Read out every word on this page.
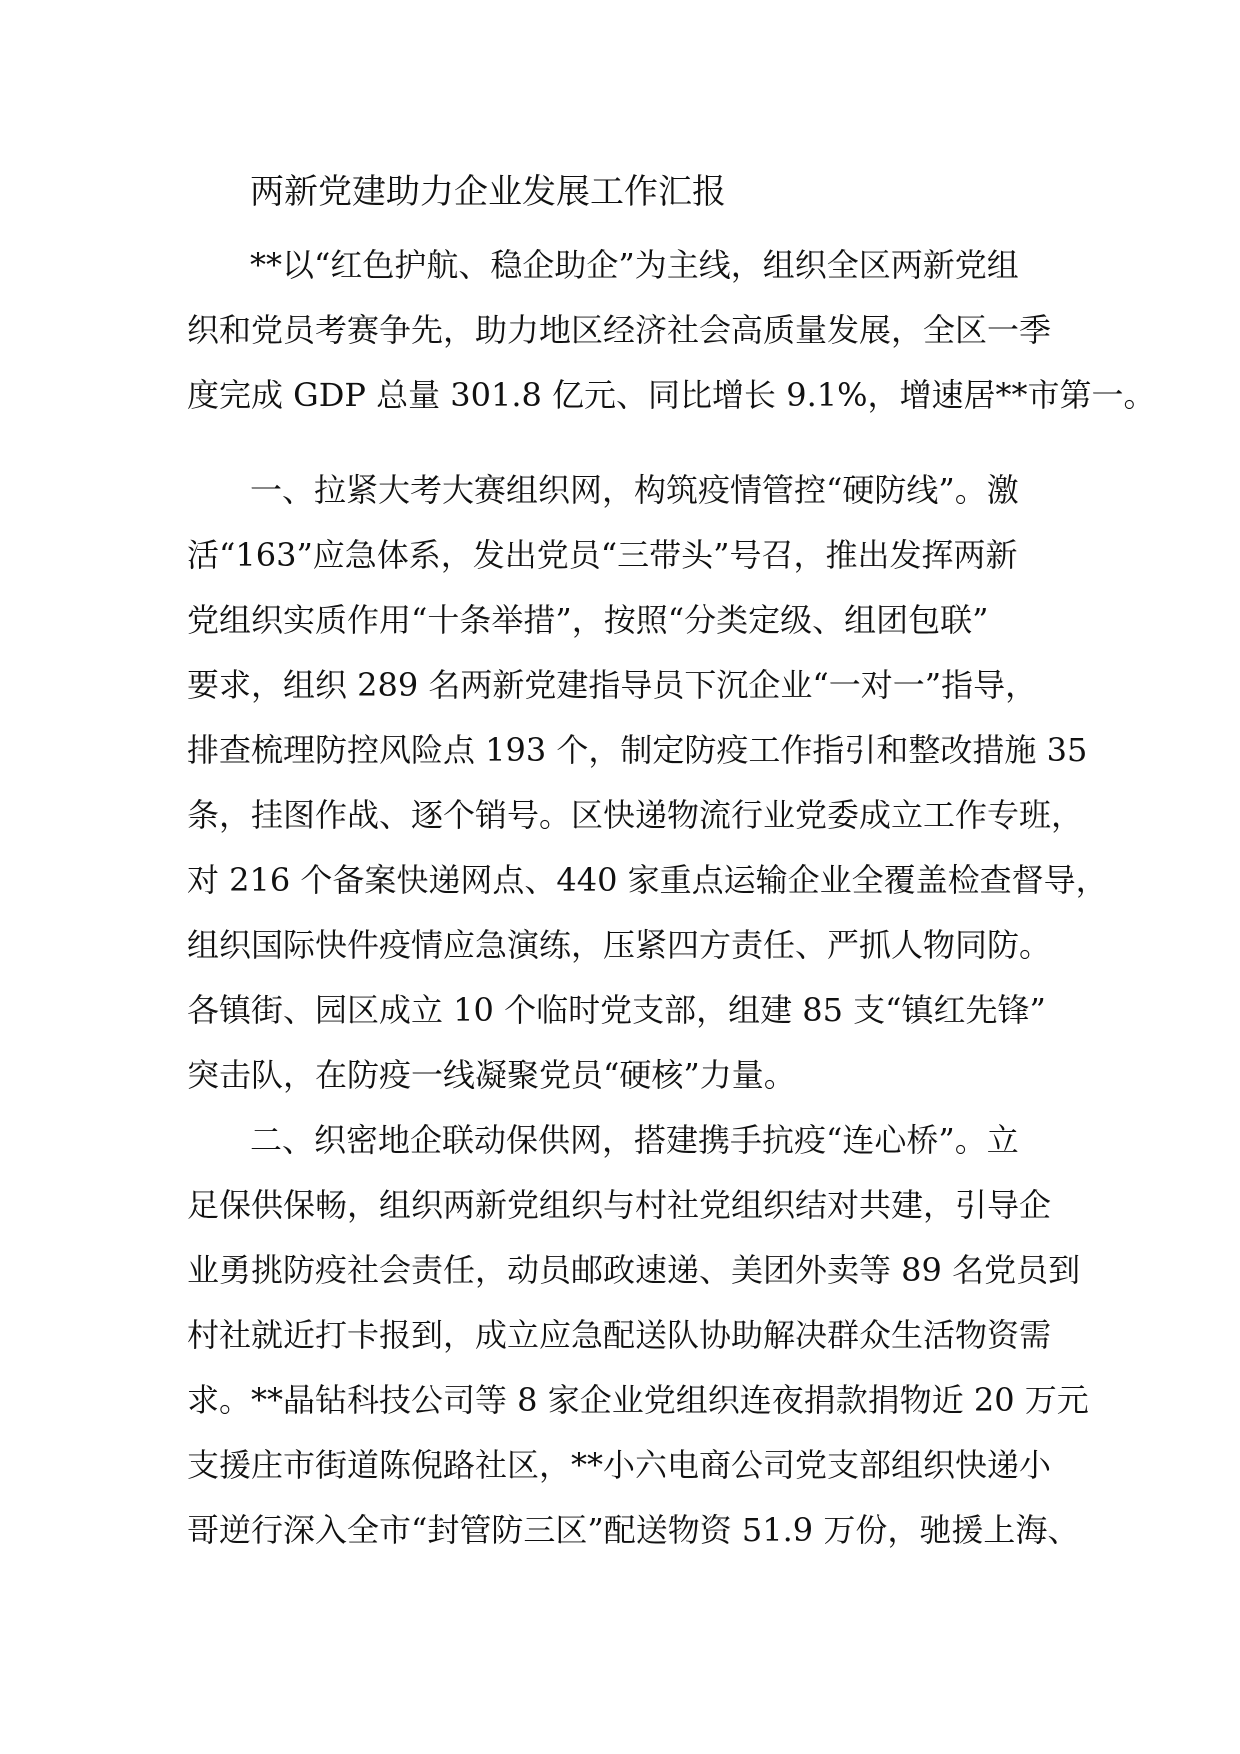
两新党建助力企业发展工作汇报
**以“红色护航、稳企助企”为主线，组织全区两新党组
织和党员考赛争先，助力地区经济社会高质量发展，全区一季
度完成 GDP 总量 301.8 亿元、同比增长 9.1%，增速居**市第一。
一、拉紧大考大赛组织网，构筑疫情管控“硬防线”。激
活“163”应急体系，发出党员“三带头”号召，推出发挥两新
党组织实质作用“十条举措”，按照“分类定级、组团包联”
要求，组织 289 名两新党建指导员下沉企业“一对一”指导，
排查梳理防控风险点 193 个，制定防疫工作指引和整改措施 35
条，挂图作战、逐个销号。区快递物流行业党委成立工作专班，
对 216 个备案快递网点、440 家重点运输企业全覆盖检查督导，
组织国际快件疫情应急演练，压紧四方责任、严抓人物同防。
各镇街、园区成立 10 个临时党支部，组建 85 支“镇红先锋”
突击队，在防疫一线凝聚党员“硬核”力量。
二、织密地企联动保供网，搭建携手抗疫“连心桥”。立
足保供保畅，组织两新党组织与村社党组织结对共建，引导企
业勇挑防疫社会责任，动员邮政速递、美团外卖等 89 名党员到
村社就近打卡报到，成立应急配送队协助解决群众生活物资需
求。**晶钻科技公司等 8 家企业党组织连夜捐款捐物近 20 万元
支援庄市街道陈倪路社区，**小六电商公司党支部组织快递小
哥逆行深入全市“封管防三区”配送物资 51.9 万份，驰援上海、
